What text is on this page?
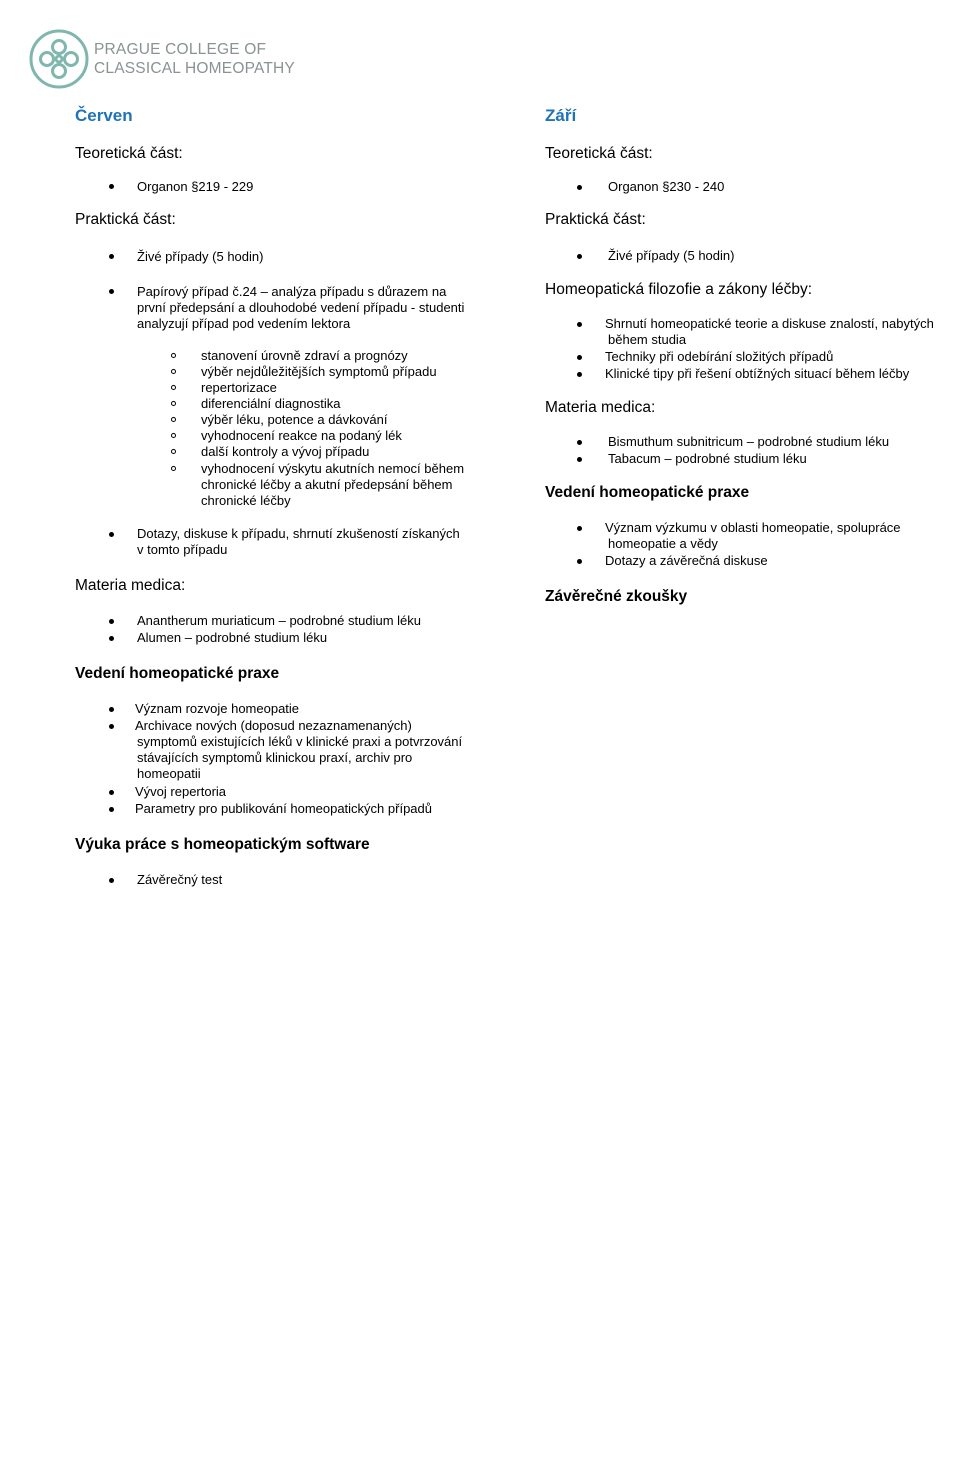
PRAGUE COLLEGE OF
CLASSICAL HOMEOPATHY
Červen
Teoretická část:
Organon §219 - 229
Praktická část:
Živé případy (5 hodin)
Papírový případ č.24 – analýza případu s důrazem na
první předepsání a dlouhodobé vedení případu - studenti
analyzují případ pod vedením lektora
stanovení úrovně zdraví a prognózy
výběr nejdůležitějších symptomů případu
repertorizace
diferenciální diagnostika
výběr léku, potence a dávkování
vyhodnocení reakce na podaný lék
další kontroly a vývoj případu
vyhodnocení výskytu akutních nemocí během
chronické léčby a akutní předepsání během
chronické léčby
Dotazy, diskuse k případu, shrnutí zkušeností získaných
v tomto případu
Materia medica:
Anantherum muriaticum – podrobné studium léku
Alumen – podrobné studium léku
Vedení homeopatické praxe
Význam rozvoje homeopatie
Archivace nových (doposud nezaznamenaných)
symptomů existujících léků v klinické praxi a potvrzování
stávajících symptomů klinickou praxí, archiv pro
homeopatii
Vývoj repertoria
Parametry pro publikování homeopatických případů
Výuka práce s homeopatickým software
Závěrečný test
Září
Teoretická část:
Organon §230 - 240
Praktická část:
Živé případy (5 hodin)
Homeopatická filozofie a zákony léčby:
Shrnutí homeopatické teorie a diskuse znalostí, nabytých
během studia
Techniky při odebírání složitých případů
Klinické tipy při řešení obtížných situací během léčby
Materia medica:
Bismuthum subnitricum – podrobné studium léku
Tabacum – podrobné studium léku
Vedení homeopatické praxe
Význam výzkumu v oblasti homeopatie, spolupráce
homeopatie a vědy
Dotazy a závěrečná diskuse
Závěrečné zkoušky
